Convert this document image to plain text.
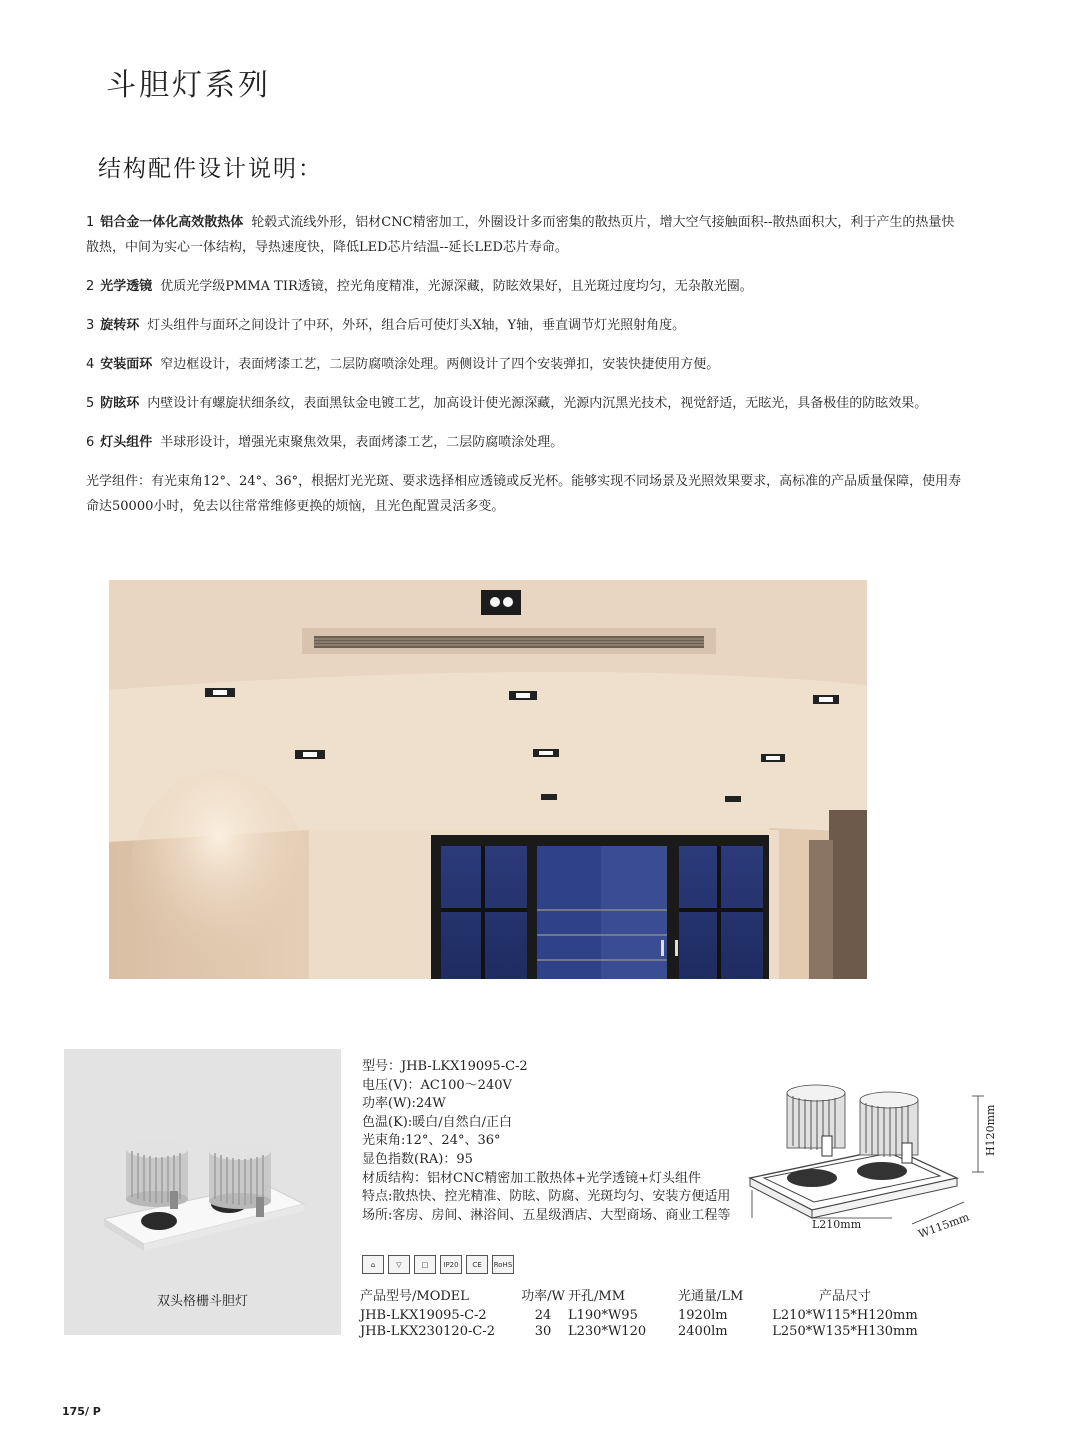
斗胆灯系列
结构配件设计说明：

1 铝合金一体化高效散热体 轮毂式流线外形，铝材CNC精密加工，外圈设计多而密集的散热页片，增大空气接触面积--散热面积大，利于产生的热量快散热，中间为实心一体结构，导热速度快，降低LED芯片结温--延长LED芯片寿命。

2 光学透镜 优质光学级PMMA TIR透镜，控光角度精准，光源深藏，防眩效果好，且光斑过度均匀，无杂散光圈。

3 旋转环 灯头组件与面环之间设计了中环，外环，组合后可使灯头X轴，Y轴，垂直调节灯光照射角度。

4 安装面环 窄边框设计，表面烤漆工艺，二层防腐喷涂处理。两侧设计了四个安装弹扣，安装快捷使用方便。

5 防眩环 内壁设计有螺旋状细条纹，表面黑钛金电镀工艺，加高设计使光源深藏，光源内沉黑光技术，视觉舒适，无眩光，具备极佳的防眩效果。

6 灯头组件 半球形设计，增强光束聚焦效果，表面烤漆工艺，二层防腐喷涂处理。

光学组件：有光束角12°、24°、36°，根据灯光光斑、要求选择相应透镜或反光杯。能够实现不同场景及光照效果要求，高标准的产品质量保障，使用寿命达50000小时，免去以往常常维修更换的烦恼，且光色配置灵活多变。

双头格栅斗胆灯
型号：JHB-LKX19095-C-2
电压(V)：AC100～240V
功率(W):24W
色温(K):暖白/自然白/正白
光束角:12°、24°、36°
显色指数(RA)：95
材质结构：铝材CNC精密加工散热体+光学透镜+灯头组件
特点:散热快、控光精准、防眩、防腐、光斑均匀、安装方便适用场所:客房、房间、淋浴间、五星级酒店、大型商场、商业工程等
⌂	▽	□	IP20	CE	RoHS
L210mm	W115mm
H120mm
产品型号/MODEL	功率/W	开孔/MM	光通量/LM	产品尺寸
JHB-LKX19095-C-2	24	L190*W95	1920lm	L210*W115*H120mm
JHB-LKX230120-C-2	30	L230*W120	2400lm	L250*W135*H130mm
175/ P
